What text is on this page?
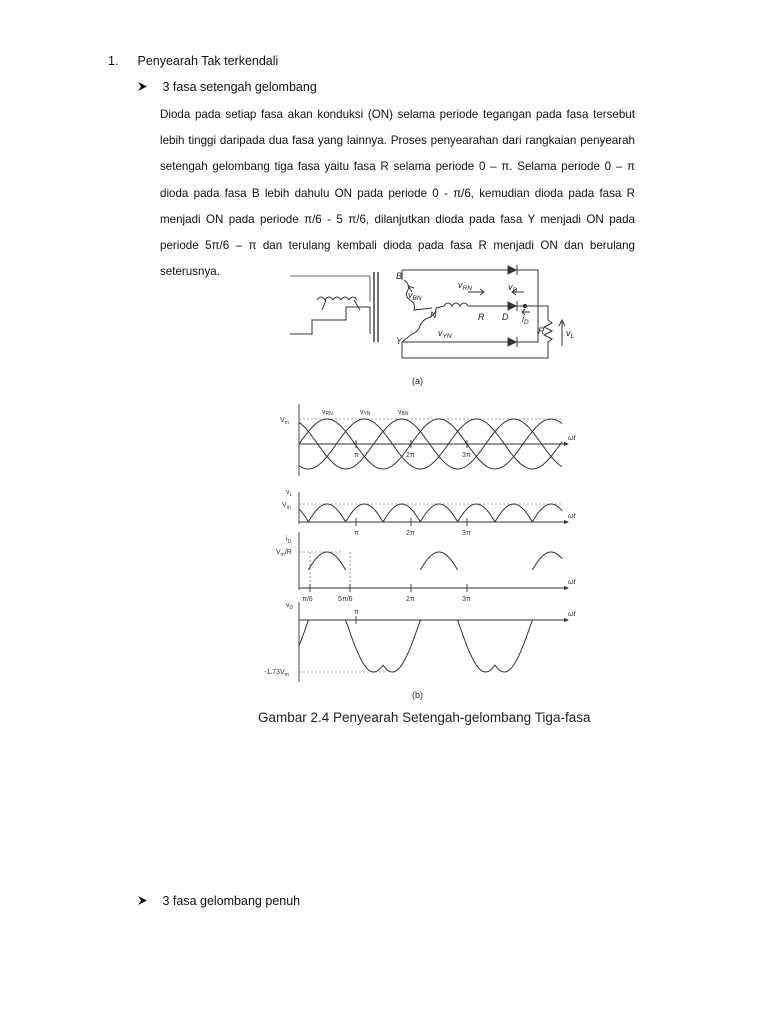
1. Penyearah Tak terkendali
3 fasa setengah gelombang

Dioda pada setiap fasa akan konduksi (ON) selama periode tegangan pada fasa tersebut lebih tinggi daripada dua fasa yang lainnya. Proses penyearahan dari rangkaian penyearah setengah gelombang tiga fasa yaitu fasa R selama periode 0 – π. Selama periode 0 – π dioda pada fasa B lebih dahulu ON pada periode 0 - π/6, kemudian dioda pada fasa R menjadi ON pada periode π/6 - 5 π/6, dilanjutkan dioda pada fasa Y menjadi ON pada periode 5π/6 – π dan terulang kembali dioda pada fasa R menjadi ON dan berulang seterusnya.	B
N
Y
R D
R
$v_{BN}$
$v_{YN}$
$v_{RN}$	$v_D$
$i_D$
$v_L$
(a)
$V_m$
vRN	vYN	vBN
π	2π	3π
ωt
$v_L$
$V_m$
π	2π	3π
ωt
$i_D$
$V_m/R$
π/6	5π/6	2π	3π
ωt
$v_D$
π
$-1.73V_m$
ωt
(b)
Gambar 2.4 Penyearah Setengah-gelombang Tiga-fasa
3 fasa gelombang penuh
